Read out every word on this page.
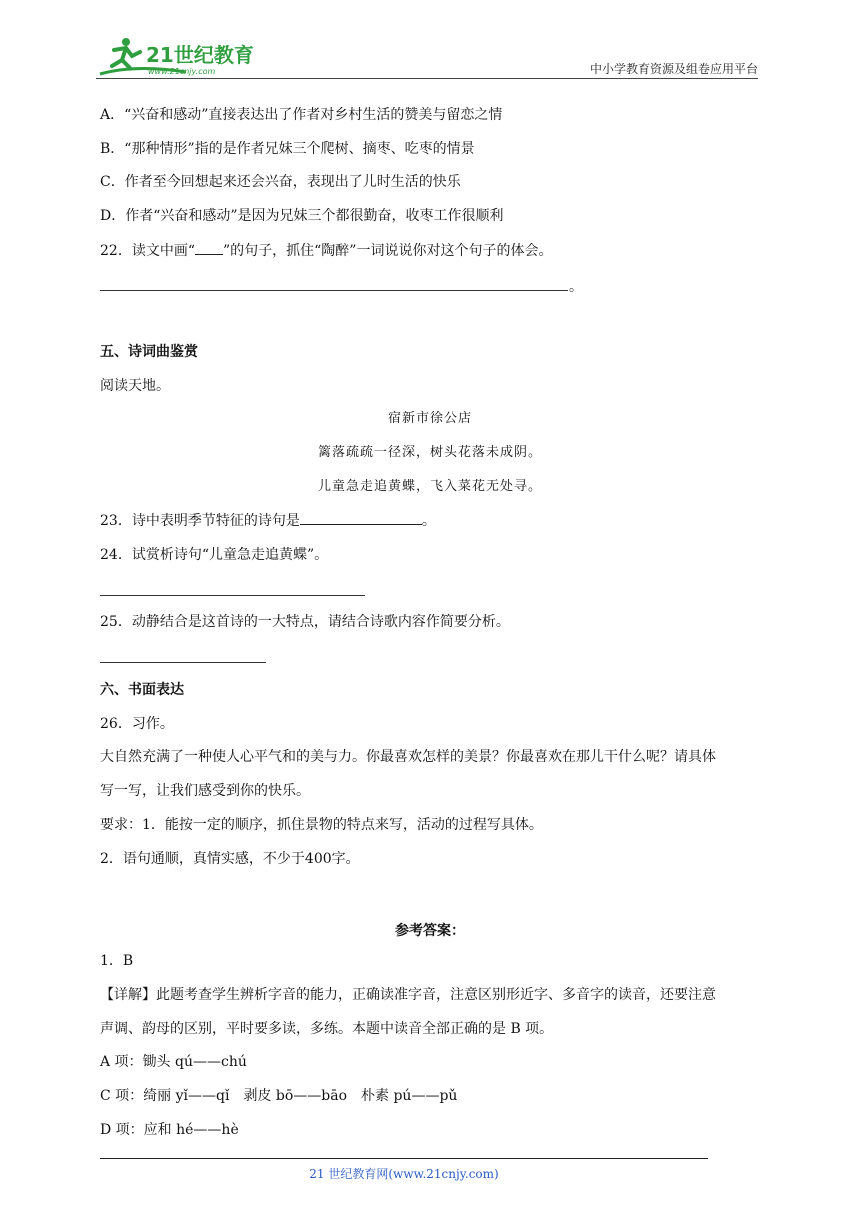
21世纪教育
www.21cnjy.com	中小学教育资源及组卷应用平台
A．“兴奋和感动”直接表达出了作者对乡村生活的赞美与留恋之情
B．“那种情形”指的是作者兄妹三个爬树、摘枣、吃枣的情景
C．作者至今回想起来还会兴奋，表现出了儿时生活的快乐
D．作者“兴奋和感动”是因为兄妹三个都很勤奋，收枣工作很顺利
22．读文中画“ ”的句子，抓住“陶醉”一词说说你对这个句子的体会。
。
五、诗词曲鉴赏
阅读天地。
宿新市徐公店
篱落疏疏一径深，树头花落未成阴。
儿童急走追黄蝶，飞入菜花无处寻。
23．诗中表明季节特征的诗句是	。
24．试赏析诗句“儿童急走追黄蝶”。
25．动静结合是这首诗的一大特点，请结合诗歌内容作简要分析。
六、书面表达
26．习作。
大自然充满了一种使人心平气和的美与力。你最喜欢怎样的美景？你最喜欢在那儿干什么呢？请具体
写一写，让我们感受到你的快乐。
要求：1．能按一定的顺序，抓住景物的特点来写，活动的过程写具体。
2．语句通顺，真情实感，不少于400字。
参考答案：
1．B
【详解】此题考查学生辨析字音的能力，正确读准字音，注意区别形近字、多音字的读音，还要注意
声调、韵母的区别，平时要多读，多练。本题中读音全部正确的是 B 项。
A 项：锄头 qú——chú
C 项：绮丽 yǐ——qǐ　剥皮 bō——bāo　朴素 pú——pǔ
D 项：应和 hé——hè
21 世纪教育网(www.21cnjy.com)
